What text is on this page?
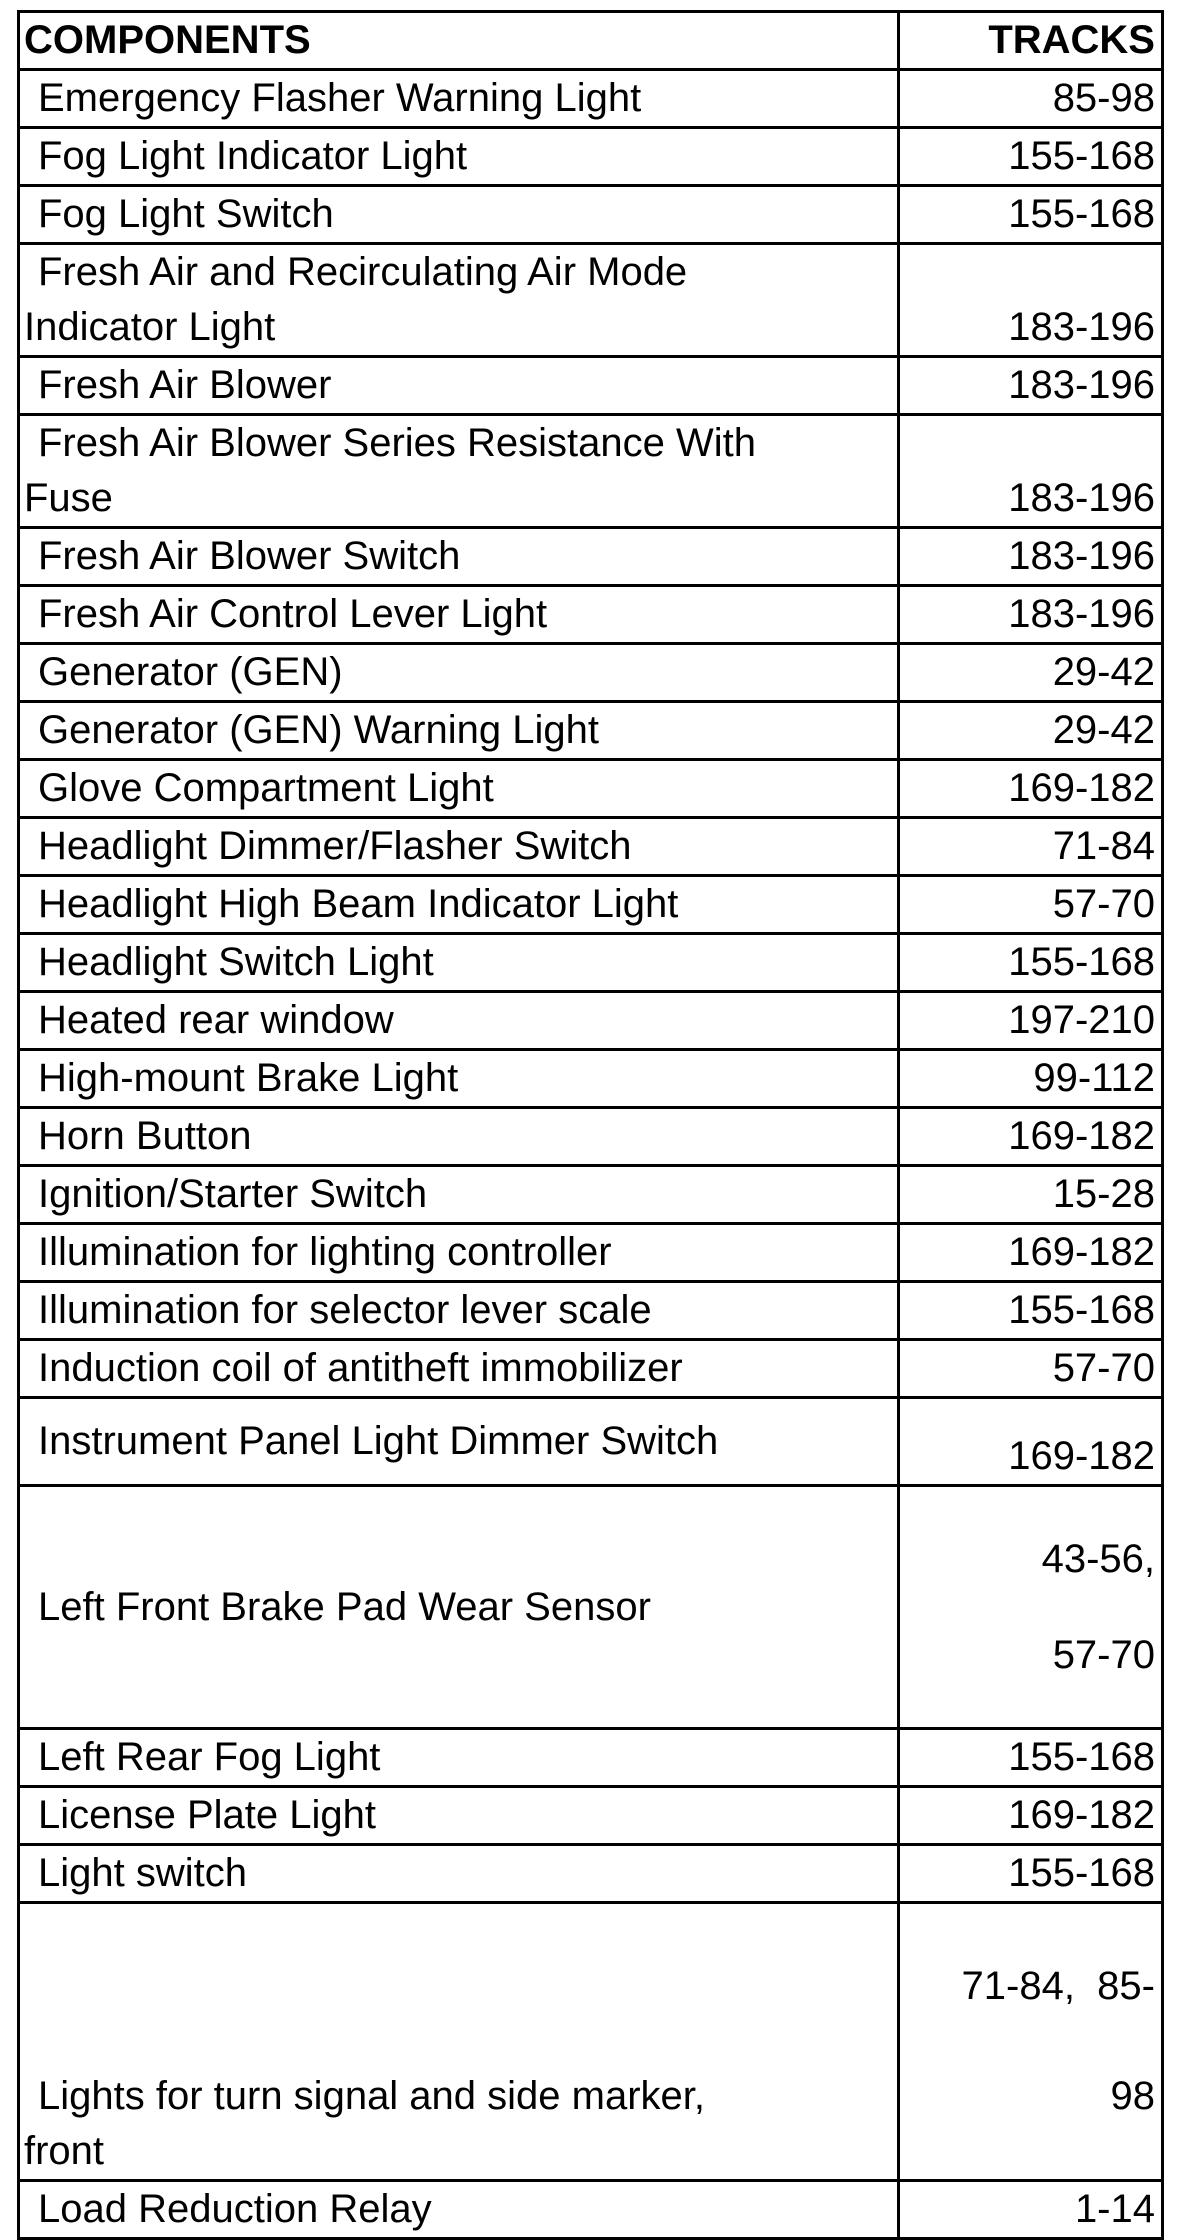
COMPONENTS	TRACKS
Emergency Flasher Warning Light	85-98
Fog Light Indicator Light	155-168
Fog Light Switch	155-168

Fresh Air and Recirculating Air Mode
Indicator Light	183-196
Fresh Air Blower	183-196

Fresh Air Blower Series Resistance With
Fuse	183-196
Fresh Air Blower Switch	183-196
Fresh Air Control Lever Light	183-196
Generator (GEN)	29-42
Generator (GEN) Warning Light	29-42
Glove Compartment Light	169-182
Headlight Dimmer/Flasher Switch	71-84
Headlight High Beam Indicator Light	57-70
Headlight Switch Light	155-168
Heated rear window	197-210
High-mount Brake Light	99-112
Horn Button	169-182
Ignition/Starter Switch	15-28
Illumination for lighting controller	169-182
Illumination for selector lever scale	155-168
Induction coil of antitheft immobilizer	57-70
Instrument Panel Light Dimmer Switch	169-182
Left Front Brake Pad Wear Sensor	43-56,

57-70

Left Rear Fog Light	155-168
License Plate Light	169-182
Light switch	155-168

Lights for turn signal and side marker,
front	71-84,  85-

98

Load Reduction Relay	1-14
